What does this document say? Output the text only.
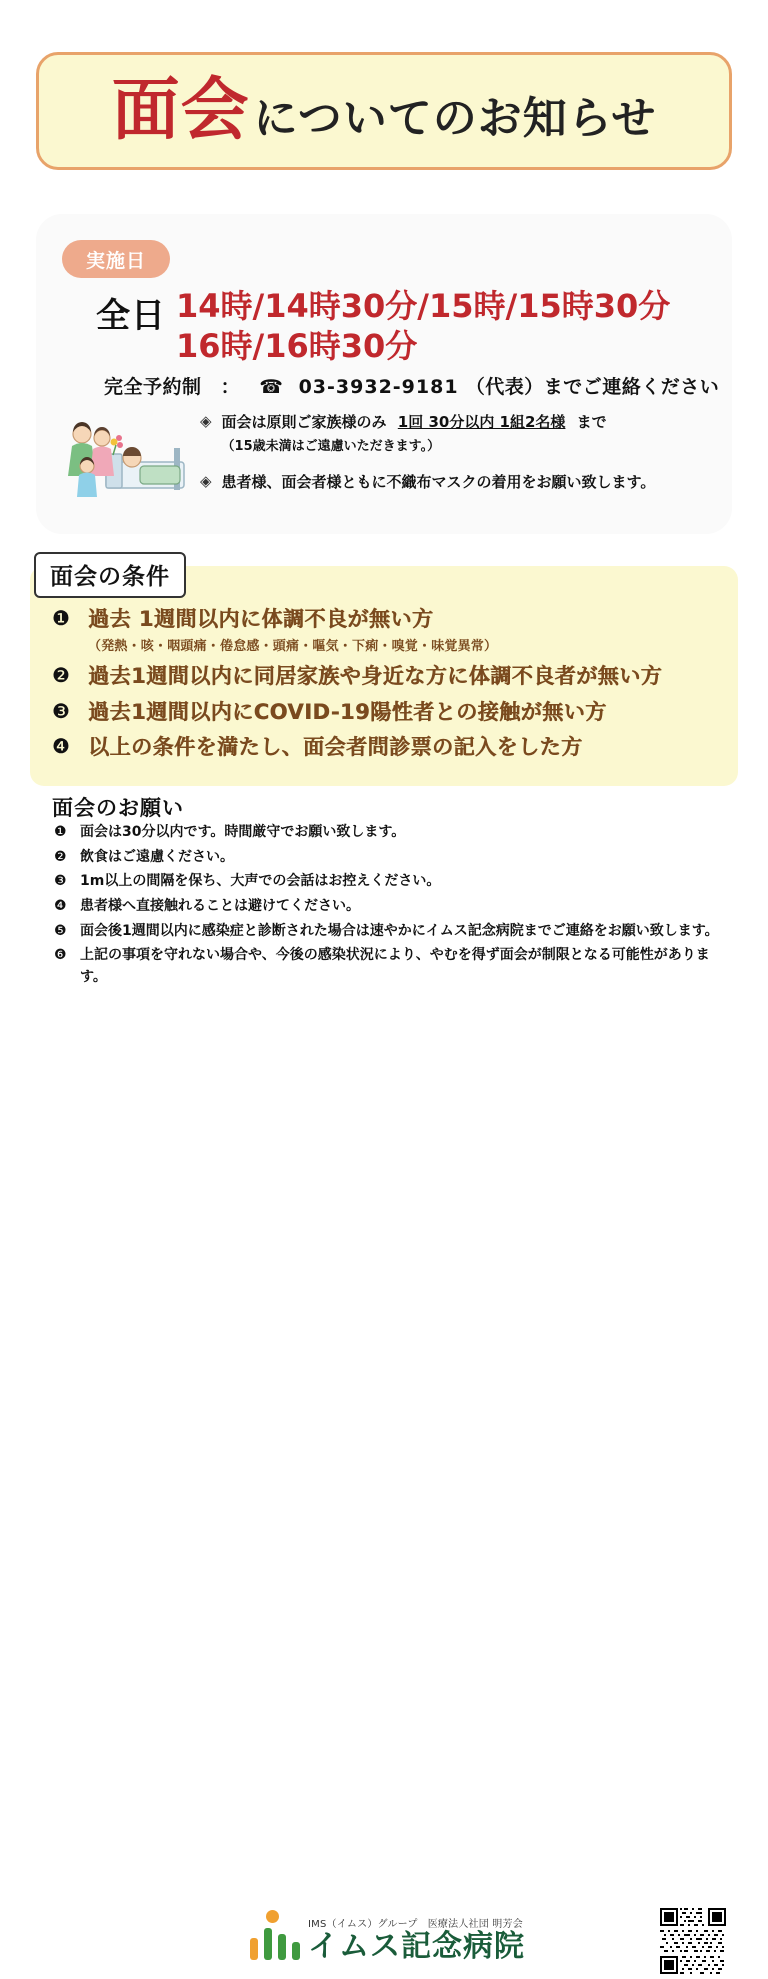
面会 についてのお知らせ
実施日
全日 14時/14時30分/15時/15時30分
16時/16時30分
完全予約制 ： ☎ 03-3932-9181 （代表）までご連絡ください
◈ 面会は原則ご家族様のみ 1回 30分以内 1組2名様 まで
（15歳未満はご遠慮いただきます。）
◈ 患者様、面会者様ともに不織布マスクの着用をお願い致します。
面会の条件
❶ 過去 1週間以内に体調不良が無い方
（発熱・咳・咽頭痛・倦怠感・頭痛・嘔気・下痢・嗅覚・味覚異常）
❷ 過去1週間以内に同居家族や身近な方に体調不良者が無い方
❸ 過去1週間以内にCOVID-19陽性者との接触が無い方
❹ 以上の条件を満たし、面会者問診票の記入をした方
面会のお願い
❶ 面会は30分以内です。時間厳守でお願い致します。
❷ 飲食はご遠慮ください。
❸ 1m以上の間隔を保ち、大声での会話はお控えください。
❹ 患者様へ直接触れることは避けてください。
❺ 面会後1週間以内に感染症と診断された場合は速やかにイムス記念病院までご連絡をお願い致します。
❻ 上記の事項を守れない場合や、今後の感染状況により、やむを得ず面会が制限となる可能性があります。
IMS（イムス）グループ　医療法人社団 明芳会
イムス記念病院
